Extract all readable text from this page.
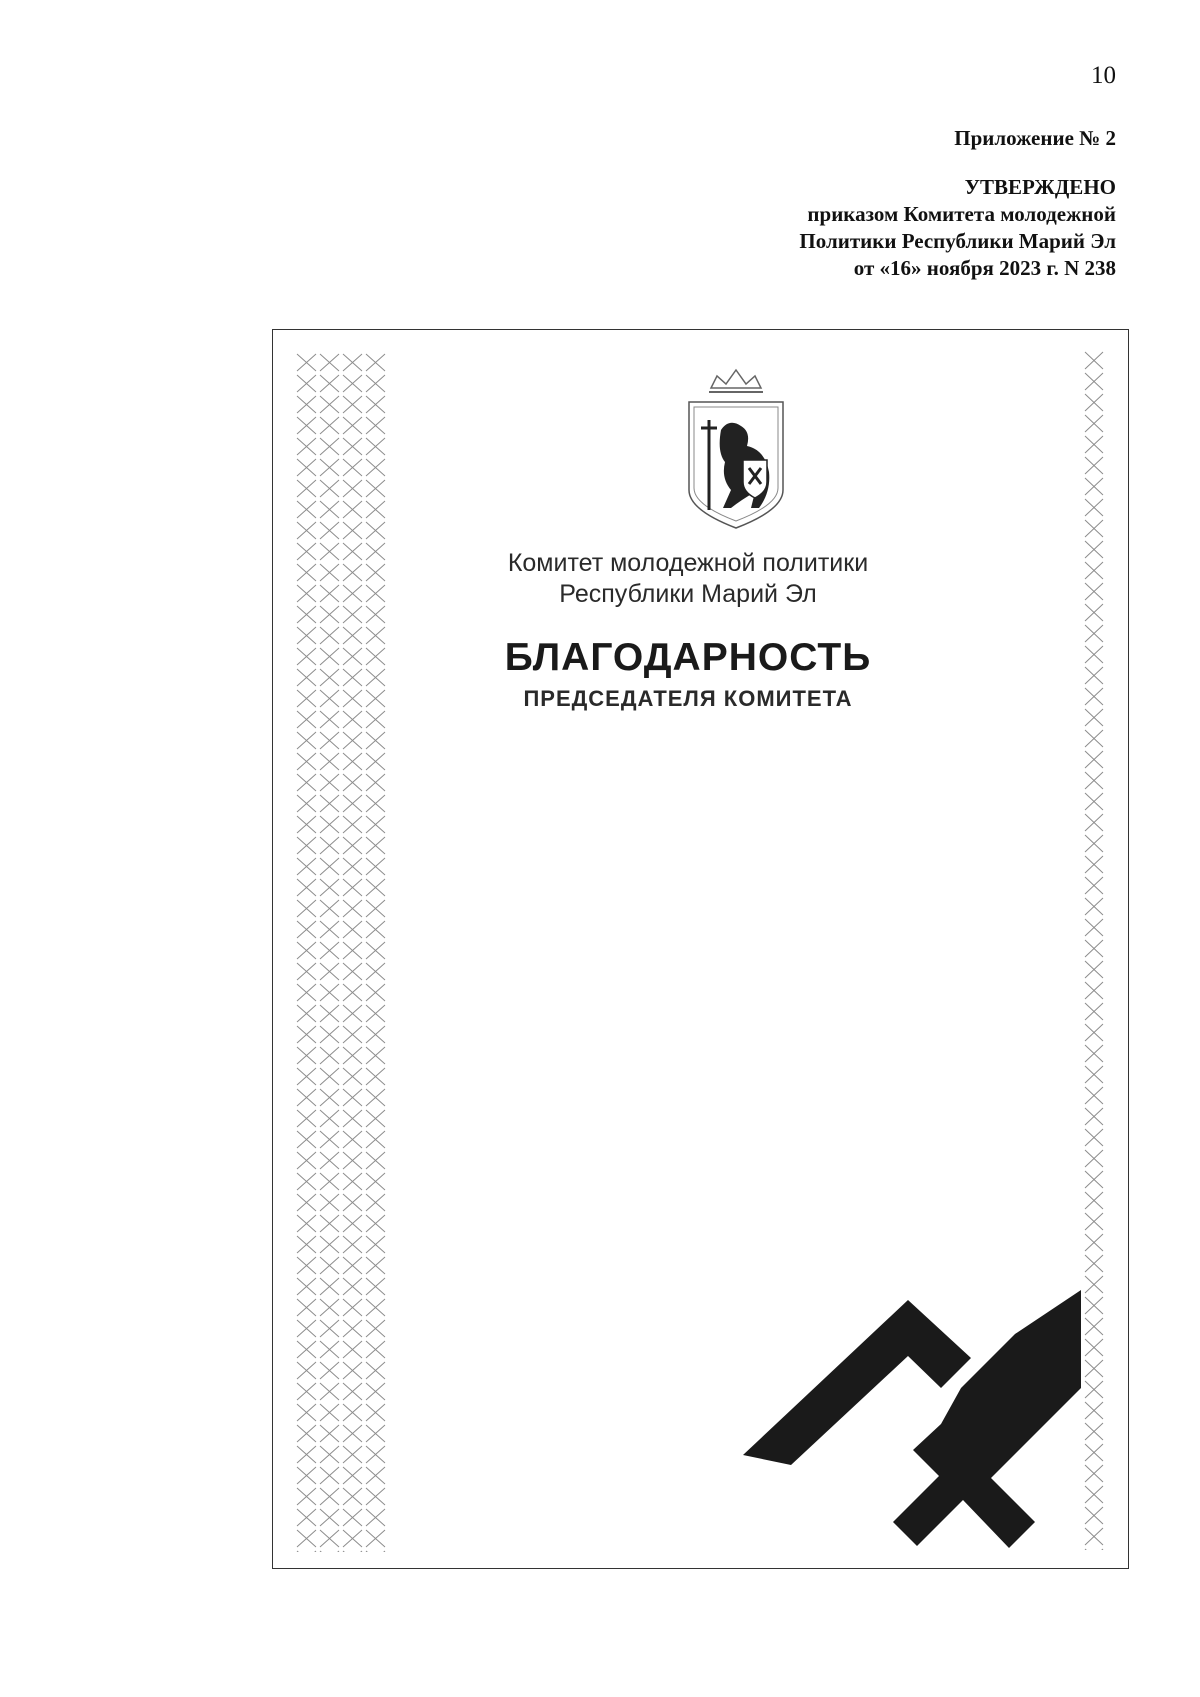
10
Приложение № 2
УТВЕРЖДЕНО
приказом Комитета молодежной
Политики Республики Марий Эл
от «16» ноября 2023 г. N 238
Комитет молодежной политики
Республики Марий Эл
БЛАГОДАРНОСТЬ
ПРЕДСЕДАТЕЛЯ КОМИТЕТА
